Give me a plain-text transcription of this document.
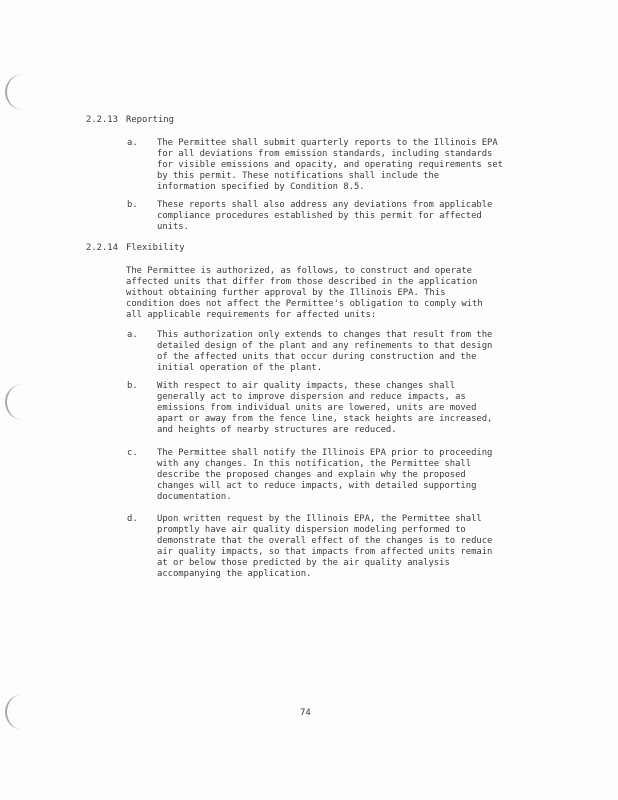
2.2.13 Reporting
a. The Permittee shall submit quarterly reports to the Illinois EPA
for all deviations from emission standards, including standards
for visible emissions and opacity, and operating requirements set
by this permit. These notifications shall include the
information specified by Condition 8.5.
b. These reports shall also address any deviations from applicable
compliance procedures established by this permit for affected
units.
2.2.14 Flexibility
The Permittee is authorized, as follows, to construct and operate
affected units that differ from those described in the application
without obtaining further approval by the Illinois EPA. This
condition does not affect the Permittee's obligation to comply with
all applicable requirements for affected units:
a. This authorization only extends to changes that result from the
detailed design of the plant and any refinements to that design
of the affected units that occur during construction and the
initial operation of the plant.
b. With respect to air quality impacts, these changes shall
generally act to improve dispersion and reduce impacts, as
emissions from individual units are lowered, units are moved
apart or away from the fence line, stack heights are increased,
and heights of nearby structures are reduced.
c. The Permittee shall notify the Illinois EPA prior to proceeding
with any changes. In this notification, the Permittee shall
describe the proposed changes and explain why the proposed
changes will act to reduce impacts, with detailed supporting
documentation.
d. Upon written request by the Illinois EPA, the Permittee shall
promptly have air quality dispersion modeling performed to
demonstrate that the overall effect of the changes is to reduce
air quality impacts, so that impacts from affected units remain
at or below those predicted by the air quality analysis
accompanying the application.
74
